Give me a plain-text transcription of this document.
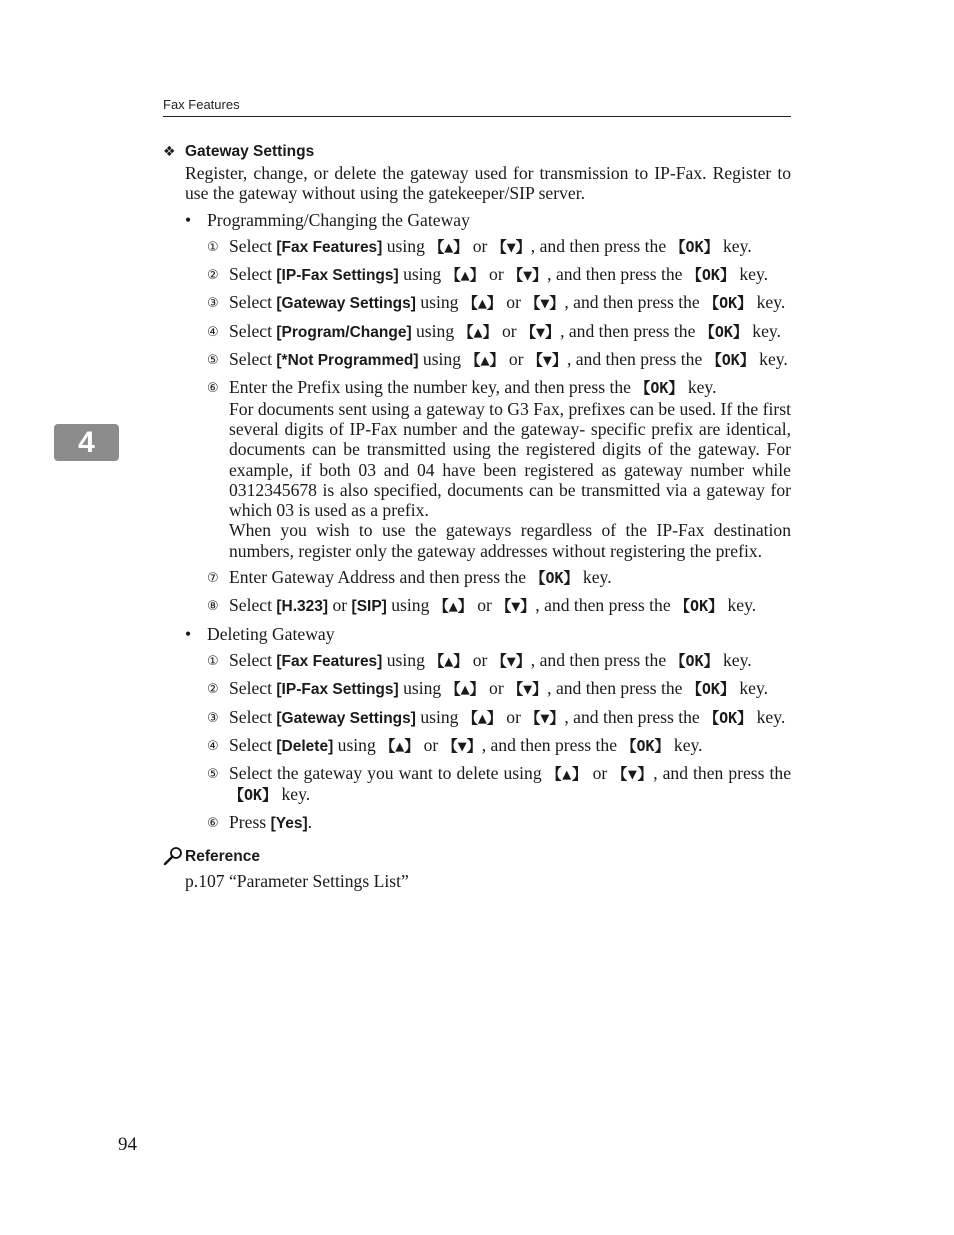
Fax Features
4
❖ Gateway Settings
Register, change, or delete the gateway used for transmission to IP-Fax. Register to use the gateway without using the gatekeeper/SIP server.
• Programming/Changing the Gateway
① Select [Fax Features] using 【▲】 or 【▼】, and then press the 【OK】 key.
② Select [IP-Fax Settings] using 【▲】 or 【▼】, and then press the 【OK】 key.
③ Select [Gateway Settings] using 【▲】 or 【▼】, and then press the 【OK】 key.
④ Select [Program/Change] using 【▲】 or 【▼】, and then press the 【OK】 key.
⑤ Select [*Not Programmed] using 【▲】 or 【▼】, and then press the 【OK】 key.
⑥ Enter the Prefix using the number key, and then press the 【OK】 key.
For documents sent using a gateway to G3 Fax, prefixes can be used. If the first several digits of IP-Fax number and the gateway- specific prefix are identical, documents can be transmitted using the registered digits of the gateway. For example, if both 03 and 04 have been registered as gateway number while 0312345678 is also specified, documents can be transmitted via a gateway for which 03 is used as a prefix.
When you wish to use the gateways regardless of the IP-Fax destination numbers, register only the gateway addresses without registering the prefix.
⑦ Enter Gateway Address and then press the 【OK】 key.
⑧ Select [H.323] or [SIP] using 【▲】 or 【▼】, and then press the 【OK】 key.
• Deleting Gateway
① Select [Fax Features] using 【▲】 or 【▼】, and then press the 【OK】 key.
② Select [IP-Fax Settings] using 【▲】 or 【▼】, and then press the 【OK】 key.
③ Select [Gateway Settings] using 【▲】 or 【▼】, and then press the 【OK】 key.
④ Select [Delete] using 【▲】 or 【▼】, and then press the 【OK】 key.
⑤ Select the gateway you want to delete using 【▲】 or 【▼】, and then press the 【OK】 key.
⑥ Press [Yes].
Reference
p.107 “Parameter Settings List”
94
